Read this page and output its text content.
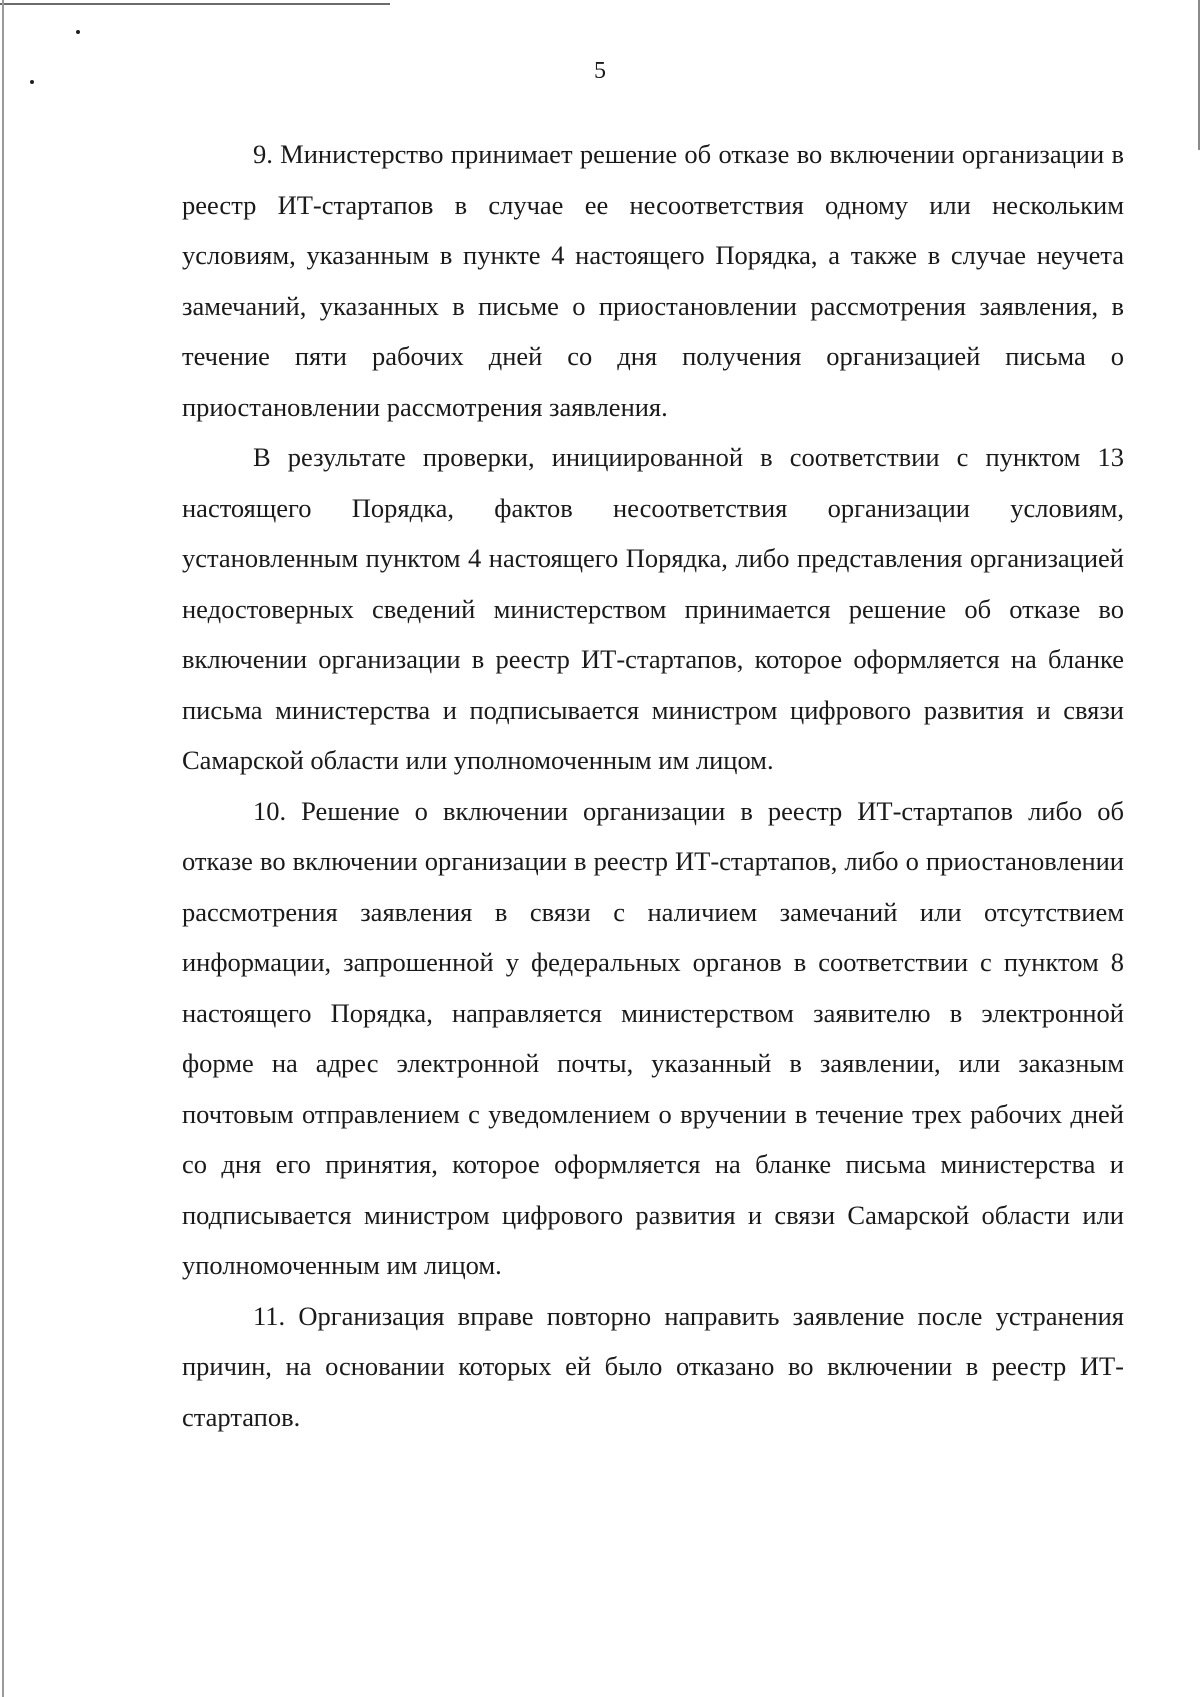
5

9. Министерство принимает решение об отказе во включении организации в реестр ИТ-стартапов в случае ее несоответствия одному или нескольким условиям, указанным в пункте 4 настоящего Порядка, а также в случае неучета замечаний, указанных в письме о приостановлении рассмотрения заявления, в течение пяти рабочих дней со дня получения организацией письма о приостановлении рассмотрения заявления.

В результате проверки, инициированной в соответствии с пунктом 13 настоящего Порядка, фактов несоответствия организации условиям, установленным пунктом 4 настоящего Порядка, либо представления организацией недостоверных сведений министерством принимается решение об отказе во включении организации в реестр ИТ-стартапов, которое оформляется на бланке письма министерства и подписывается министром цифрового развития и связи Самарской области или уполномоченным им лицом.

10. Решение о включении организации в реестр ИТ-стартапов либо об отказе во включении организации в реестр ИТ-стартапов, либо о приостановлении рассмотрения заявления в связи с наличием замечаний или отсутствием информации, запрошенной у федеральных органов в соответствии с пунктом 8 настоящего Порядка, направляется министерством заявителю в электронной форме на адрес электронной почты, указанный в заявлении, или заказным почтовым отправлением с уведомлением о вручении в течение трех рабочих дней со дня его принятия, которое оформляется на бланке письма министерства и подписывается министром цифрового развития и связи Самарской области или уполномоченным им лицом.

11. Организация вправе повторно направить заявление после устранения причин, на основании которых ей было отказано во включении в реестр ИТ-стартапов.
